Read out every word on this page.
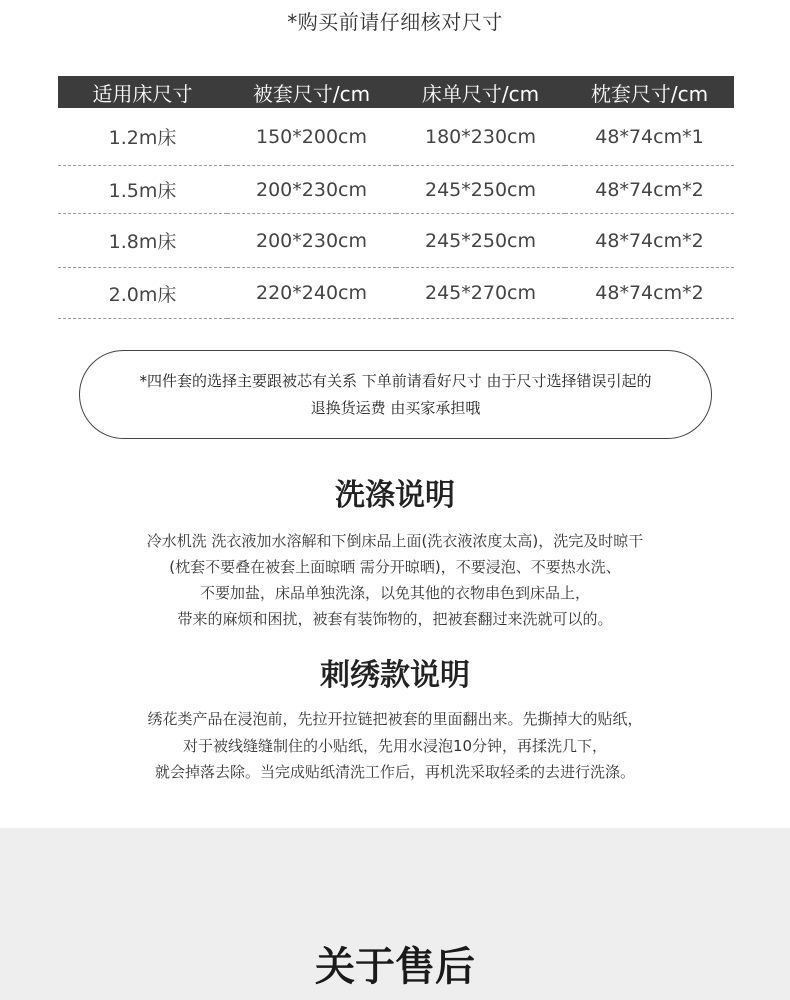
*购买前请仔细核对尺寸
适用床尺寸	被套尺寸/cm	床单尺寸/cm	枕套尺寸/cm
1.2m床	150*200cm	180*230cm	48*74cm*1
1.5m床	200*230cm	245*250cm	48*74cm*2
1.8m床	200*230cm	245*250cm	48*74cm*2
2.0m床	220*240cm	245*270cm	48*74cm*2
*四件套的选择主要跟被芯有关系 下单前请看好尺寸 由于尺寸选择错误引起的
退换货运费 由买家承担哦
洗涤说明
冷水机洗 洗衣液加水溶解和下倒床品上面(洗衣液浓度太高)，洗完及时晾干
(枕套不要叠在被套上面晾晒 需分开晾晒)，不要浸泡、不要热水洗、
不要加盐，床品单独洗涤，以免其他的衣物串色到床品上，
带来的麻烦和困扰，被套有装饰物的，把被套翻过来洗就可以的。
刺绣款说明
绣花类产品在浸泡前，先拉开拉链把被套的里面翻出来。先撕掉大的贴纸，
对于被线缝缝制住的小贴纸，先用水浸泡10分钟，再揉洗几下，
就会掉落去除。当完成贴纸清洗工作后，再机洗采取轻柔的去进行洗涤。
关于售后
